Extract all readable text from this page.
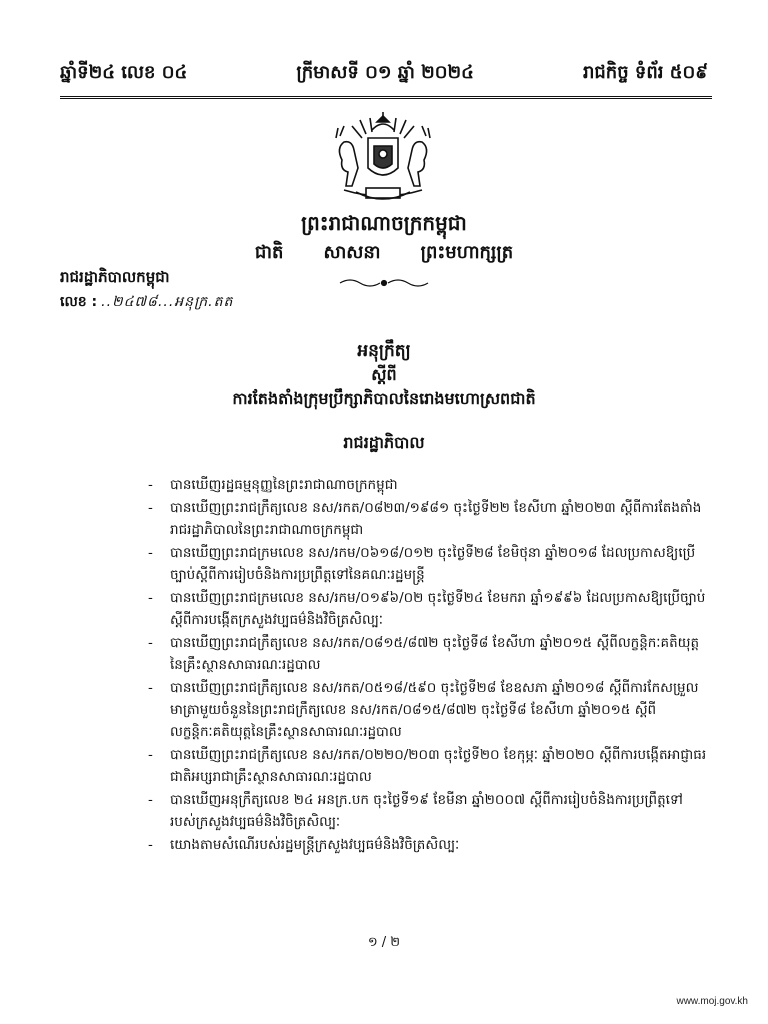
ឆ្នាំទី២៤ លេខ ០៤	ក្រីមាសទី ០១ ឆ្នាំ ២០២៤	រាជកិច្ច ទំព័រ ៥០៩
ព្រះរាជាណាចក្រកម្ពុជា
ជាតិ សាសនា ព្រះមហាក្សត្រ
រាជរដ្ឋាភិបាលកម្ពុជា
លេខ : ..២៤៧៨...អនុក្រ.តត
អនុក្រឹត្យ
ស្ដីពី
ការតែងតាំងក្រុមប្រឹក្សាភិបាលនៃរោងមហោស្រពជាតិ
រាជរដ្ឋាភិបាល
- បានឃើញរដ្ឋធម្មនុញ្ញនៃព្រះរាជាណាចក្រកម្ពុជា
- បានឃើញព្រះរាជក្រឹត្យលេខ នស/រកត/០៨២៣/១៩៨១ ចុះថ្ងៃទី២២ ខែសីហា ឆ្នាំ២០២៣ ស្ដីពីការតែងតាំងរាជរដ្ឋាភិបាលនៃព្រះរាជាណាចក្រកម្ពុជា
- បានឃើញព្រះរាជក្រមលេខ នស/រកម/០៦១៨/០១២ ចុះថ្ងៃទី២៨ ខែមិថុនា ឆ្នាំ២០១៨ ដែលប្រកាសឱ្យប្រើច្បាប់ស្ដីពីការរៀបចំនិងការប្រព្រឹត្តទៅនៃគណៈរដ្ឋមន្ត្រី
- បានឃើញព្រះរាជក្រមលេខ នស/រកម/០១៩៦/០២ ចុះថ្ងៃទី២៤ ខែមករា ឆ្នាំ១៩៩៦ ដែលប្រកាសឱ្យប្រើច្បាប់ស្ដីពីការបង្កើតក្រសួងវប្បធម៌និងវិចិត្រសិល្បៈ
- បានឃើញព្រះរាជក្រឹត្យលេខ នស/រកត/០៨១៥/៨៧២ ចុះថ្ងៃទី៨ ខែសីហា ឆ្នាំ២០១៥ ស្ដីពីលក្ខន្តិកៈគតិយុត្តនៃគ្រឹះស្ថានសាធារណៈរដ្ឋបាល
- បានឃើញព្រះរាជក្រឹត្យលេខ នស/រកត/០៥១៨/៥៩០ ចុះថ្ងៃទី២៨ ខែឧសភា ឆ្នាំ២០១៨ ស្ដីពីការកែសម្រួលមាត្រាមួយចំនួននៃព្រះរាជក្រឹត្យលេខ នស/រកត/០៨១៥/៨៧២ ចុះថ្ងៃទី៨ ខែសីហា ឆ្នាំ២០១៥ ស្ដីពីលក្ខន្តិកៈគតិយុត្តនៃគ្រឹះស្ថានសាធារណៈរដ្ឋបាល
- បានឃើញព្រះរាជក្រឹត្យលេខ នស/រកត/០២២០/២០៣ ចុះថ្ងៃទី២០ ខែកុម្ភៈ ឆ្នាំ២០២០ ស្ដីពីការបង្កើតអាជ្ញាធរជាតិអប្សរាជាគ្រឹះស្ថានសាធារណៈរដ្ឋបាល
- បានឃើញអនុក្រឹត្យលេខ ២៤ អនក្រ.បក ចុះថ្ងៃទី១៩ ខែមីនា ឆ្នាំ២០០៧ ស្ដីពីការរៀបចំនិងការប្រព្រឹត្តទៅរបស់ក្រសួងវប្បធម៌និងវិចិត្រសិល្បៈ
- យោងតាមសំណើរបស់រដ្ឋមន្ត្រីក្រសួងវប្បធម៌និងវិចិត្រសិល្បៈ
១ / ២
www.moj.gov.kh
